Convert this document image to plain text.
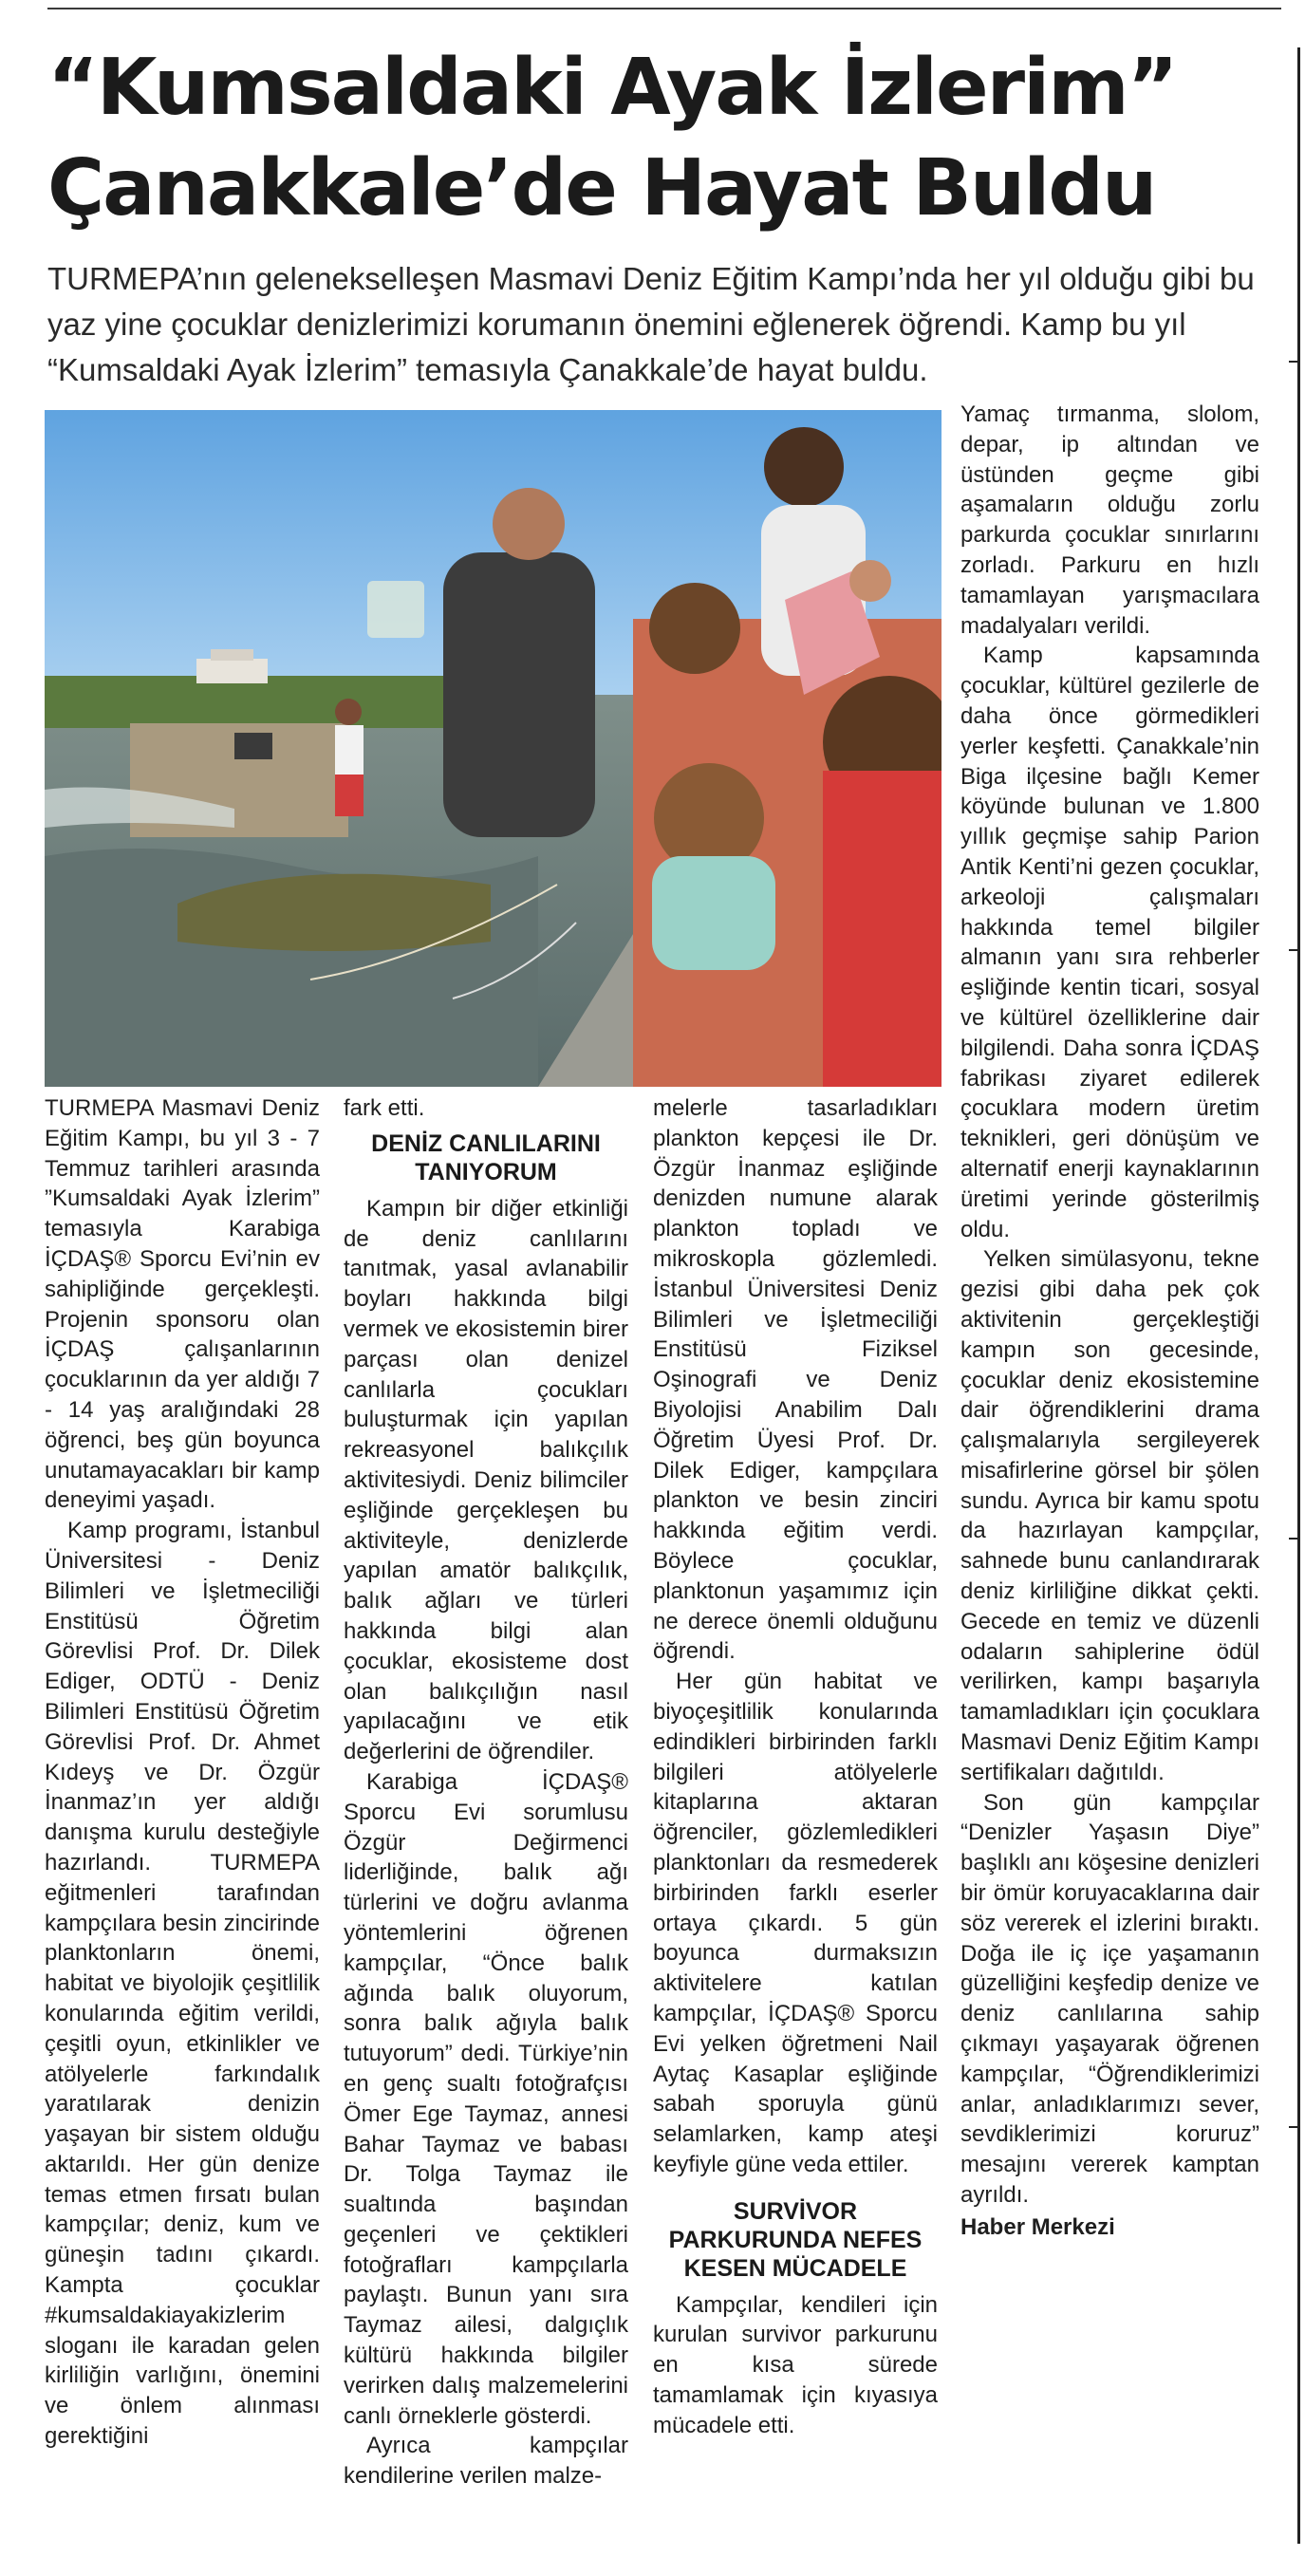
“Kumsaldaki Ayak İzlerim”
Çanakkale’de Hayat Buldu

TURMEPA’nın gelenekselleşen Masmavi Deniz Eğitim Kampı’nda her yıl olduğu gibi bu yaz yine çocuklar denizlerimizi korumanın önemini eğlenerek öğrendi. Kamp bu yıl “Kumsaldaki Ayak İzlerim” temasıyla Çanakkale’de hayat buldu.

TURMEPA Masmavi Deniz Eğitim Kampı, bu yıl 3 - 7 Temmuz tarihleri arasında ”Kumsaldaki Ayak İzlerim” temasıyla Karabiga İÇDAŞ® Sporcu Evi’nin ev sahipliğinde gerçekleşti. Projenin sponsoru olan İÇDAŞ çalışanlarının çocuklarının da yer aldığı 7 - 14 yaş aralığındaki 28 öğrenci, beş gün boyunca unutamayacakları bir kamp deneyimi yaşadı.

Kamp programı, İstanbul Üniversitesi - Deniz Bilimleri ve İşletmeciliği Enstitüsü Öğretim Görevlisi Prof. Dr. Dilek Ediger, ODTÜ - Deniz Bilimleri Enstitüsü Öğretim Görevlisi Prof. Dr. Ahmet Kıdeyş ve Dr. Özgür İnanmaz’ın yer aldığı danışma kurulu desteğiyle hazırlandı. TURMEPA eğitmenleri tarafından kampçılara besin zincirinde planktonların önemi, habitat ve biyolojik çeşitlilik konularında eğitim verildi, çeşitli oyun, etkinlikler ve atölyelerle farkındalık yaratılarak denizin yaşayan bir sistem olduğu aktarıldı. Her gün denize temas etmen fırsatı bulan kampçılar; deniz, kum ve güneşin tadını çıkardı. Kampta çocuklar #kumsaldakiayakizlerim sloganı ile karadan gelen kirliliğin varlığını, önemini ve önlem alınması gerektiğini

fark etti.

DENİZ CANLILARINI TANIYORUM

Kampın bir diğer etkinliği de deniz canlılarını tanıtmak, yasal avlanabilir boyları hakkında bilgi vermek ve ekosistemin birer parçası olan denizel canlılarla çocukları buluşturmak için yapılan rekreasyonel balıkçılık aktivitesiydi. Deniz bilimciler eşliğinde gerçekleşen bu aktiviteyle, denizlerde yapılan amatör balıkçılık, balık ağları ve türleri hakkında bilgi alan çocuklar, ekosisteme dost olan balıkçılığın nasıl yapılacağını ve etik değerlerini de öğrendiler.

Karabiga İÇDAŞ® Sporcu Evi sorumlusu Özgür Değirmenci liderliğinde, balık ağı türlerini ve doğru avlanma yöntemlerini öğrenen kampçılar, “Önce balık ağında balık oluyorum, sonra balık ağıyla balık tutuyorum” dedi. Türkiye’nin en genç sualtı fotoğrafçısı Ömer Ege Taymaz, annesi Bahar Taymaz ve babası Dr. Tolga Taymaz ile sualtında başından geçenleri ve çektikleri fotoğrafları kampçılarla paylaştı. Bunun yanı sıra Taymaz ailesi, dalgıçlık kültürü hakkında bilgiler verirken dalış malzemelerini canlı örneklerle gösterdi.

Ayrıca kampçılar kendilerine verilen malze-

melerle tasarladıkları plankton kepçesi ile Dr. Özgür İnanmaz eşliğinde denizden numune alarak plankton topladı ve mikroskopla gözlemledi. İstanbul Üniversitesi Deniz Bilimleri ve İşletmeciliği Enstitüsü Fiziksel Oşinografi ve Deniz Biyolojisi Anabilim Dalı Öğretim Üyesi Prof. Dr. Dilek Ediger, kampçılara plankton ve besin zinciri hakkında eğitim verdi. Böylece çocuklar, planktonun yaşamımız için ne derece önemli olduğunu öğrendi.

Her gün habitat ve biyoçeşitlilik konularında edindikleri birbirinden farklı bilgileri atölyelerle kitaplarına aktaran öğrenciler, gözlemledikleri planktonları da resmederek birbirinden farklı eserler ortaya çıkardı. 5 gün boyunca durmaksızın aktivitelere katılan kampçılar, İÇDAŞ® Sporcu Evi yelken öğretmeni Nail Aytaç Kasaplar eşliğinde sabah sporuyla günü selamlarken, kamp ateşi keyfiyle güne veda ettiler.

SURVİVOR PARKURUNDA NEFES KESEN MÜCADELE

Kampçılar, kendileri için kurulan survivor parkurunu en kısa sürede tamamlamak için kıyasıya mücadele etti.

Yamaç tırmanma, slolom, depar, ip altından ve üstünden geçme gibi aşamaların olduğu zorlu parkurda çocuklar sınırlarını zorladı. Parkuru en hızlı tamamlayan yarışmacılara madalyaları verildi.

Kamp kapsamında çocuklar, kültürel gezilerle de daha önce görmedikleri yerler keşfetti. Çanakkale’nin Biga ilçesine bağlı Kemer köyünde bulunan ve 1.800 yıllık geçmişe sahip Parion Antik Kenti’ni gezen çocuklar, arkeoloji çalışmaları hakkında temel bilgiler almanın yanı sıra rehberler eşliğinde kentin ticari, sosyal ve kültürel özelliklerine dair bilgilendi. Daha sonra İÇDAŞ fabrikası ziyaret edilerek çocuklara modern üretim teknikleri, geri dönüşüm ve alternatif enerji kaynaklarının üretimi yerinde gösterilmiş oldu.

Yelken simülasyonu, tekne gezisi gibi daha pek çok aktivitenin gerçekleştiği kampın son gecesinde, çocuklar deniz ekosistemine dair öğrendiklerini drama çalışmalarıyla sergileyerek misafirlerine görsel bir şölen sundu. Ayrıca bir kamu spotu da hazırlayan kampçılar, sahnede bunu canlandırarak deniz kirliliğine dikkat çekti. Gecede en temiz ve düzenli odaların sahiplerine ödül verilirken, kampı başarıyla tamamladıkları için çocuklara Masmavi Deniz Eğitim Kampı sertifikaları dağıtıldı.

Son gün kampçılar “Denizler Yaşasın Diye” başlıklı anı köşesine denizleri bir ömür koruyacaklarına dair söz vererek el izlerini bıraktı. Doğa ile iç içe yaşamanın güzelliğini keşfedip denize ve deniz canlılarına sahip çıkmayı yaşayarak öğrenen kampçılar, “Öğrendiklerimizi anlar, anladıklarımızı sever, sevdiklerimizi koruruz” mesajını vererek kamptan ayrıldı.

Haber Merkezi
